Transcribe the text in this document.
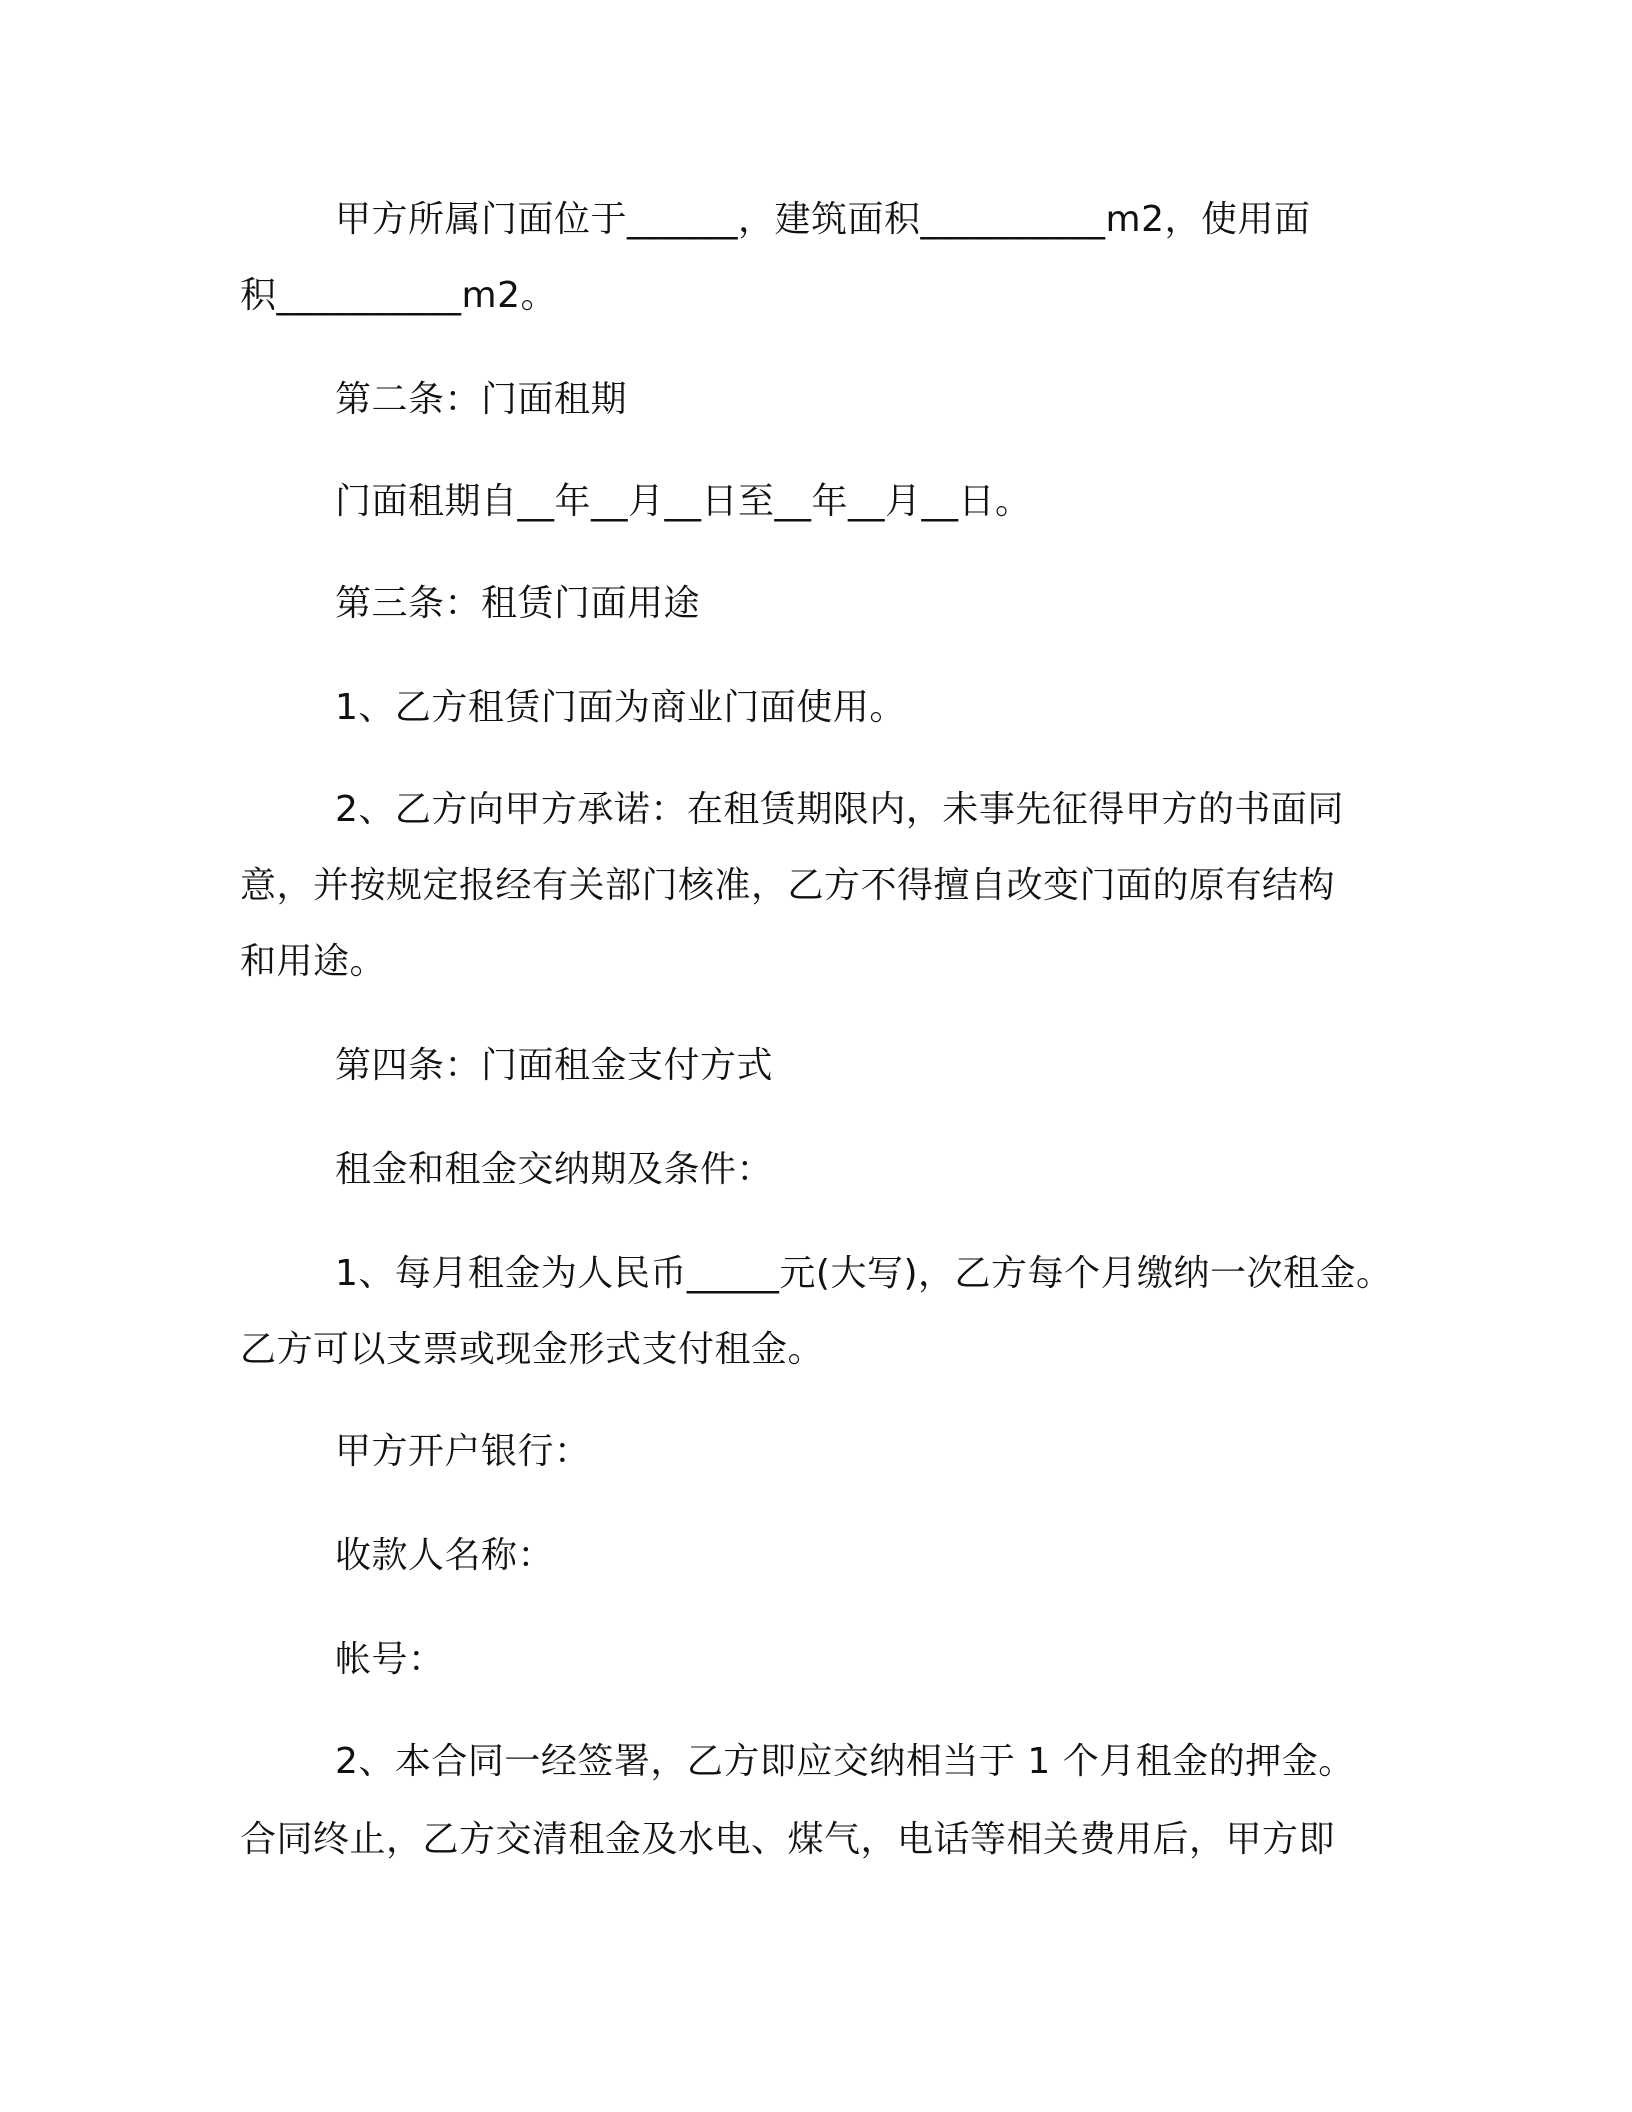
甲方所属门面位于______，建筑面积__________m2，使用面
积__________m2。
第二条：门面租期
门面租期自__年__月__日至__年__月__日。
第三条：租赁门面用途
1、乙方租赁门面为商业门面使用。
2、乙方向甲方承诺：在租赁期限内，未事先征得甲方的书面同
意，并按规定报经有关部门核准，乙方不得擅自改变门面的原有结构
和用途。
第四条：门面租金支付方式
租金和租金交纳期及条件：
1、每月租金为人民币_____元(大写)，乙方每个月缴纳一次租金。
乙方可以支票或现金形式支付租金。
甲方开户银行：
收款人名称：
帐号：
2、本合同一经签署，乙方即应交纳相当于 1 个月租金的押金。
合同终止，乙方交清租金及水电、煤气，电话等相关费用后，甲方即
